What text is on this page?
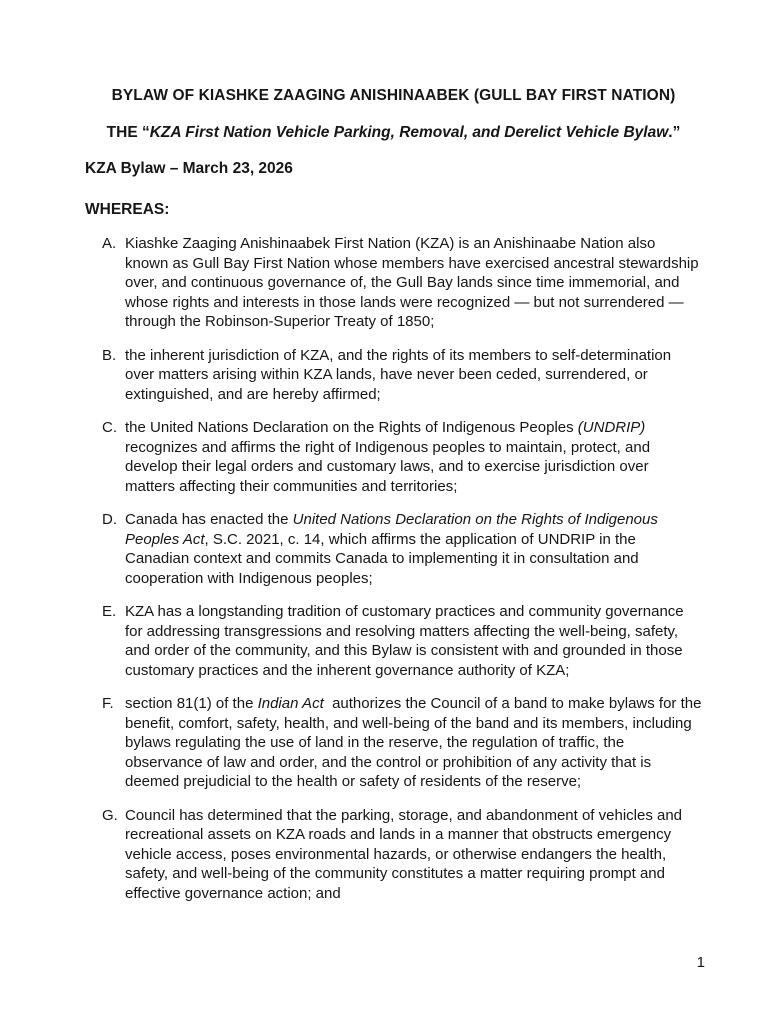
BYLAW OF KIASHKE ZAAGING ANISHINAABEK (GULL BAY FIRST NATION)
THE “KZA First Nation Vehicle Parking, Removal, and Derelict Vehicle Bylaw.”
KZA Bylaw – March 23, 2026
WHEREAS:
A. Kiashke Zaaging Anishinaabek First Nation (KZA) is an Anishinaabe Nation also known as Gull Bay First Nation whose members have exercised ancestral stewardship over, and continuous governance of, the Gull Bay lands since time immemorial, and whose rights and interests in those lands were recognized — but not surrendered — through the Robinson-Superior Treaty of 1850;
B. the inherent jurisdiction of KZA, and the rights of its members to self-determination over matters arising within KZA lands, have never been ceded, surrendered, or extinguished, and are hereby affirmed;
C. the United Nations Declaration on the Rights of Indigenous Peoples (UNDRIP) recognizes and affirms the right of Indigenous peoples to maintain, protect, and develop their legal orders and customary laws, and to exercise jurisdiction over matters affecting their communities and territories;
D. Canada has enacted the United Nations Declaration on the Rights of Indigenous Peoples Act, S.C. 2021, c. 14, which affirms the application of UNDRIP in the Canadian context and commits Canada to implementing it in consultation and cooperation with Indigenous peoples;
E. KZA has a longstanding tradition of customary practices and community governance for addressing transgressions and resolving matters affecting the well-being, safety, and order of the community, and this Bylaw is consistent with and grounded in those customary practices and the inherent governance authority of KZA;
F. section 81(1) of the Indian Act  authorizes the Council of a band to make bylaws for the benefit, comfort, safety, health, and well-being of the band and its members, including bylaws regulating the use of land in the reserve, the regulation of traffic, the observance of law and order, and the control or prohibition of any activity that is deemed prejudicial to the health or safety of residents of the reserve;
G. Council has determined that the parking, storage, and abandonment of vehicles and recreational assets on KZA roads and lands in a manner that obstructs emergency vehicle access, poses environmental hazards, or otherwise endangers the health, safety, and well-being of the community constitutes a matter requiring prompt and effective governance action; and
1
